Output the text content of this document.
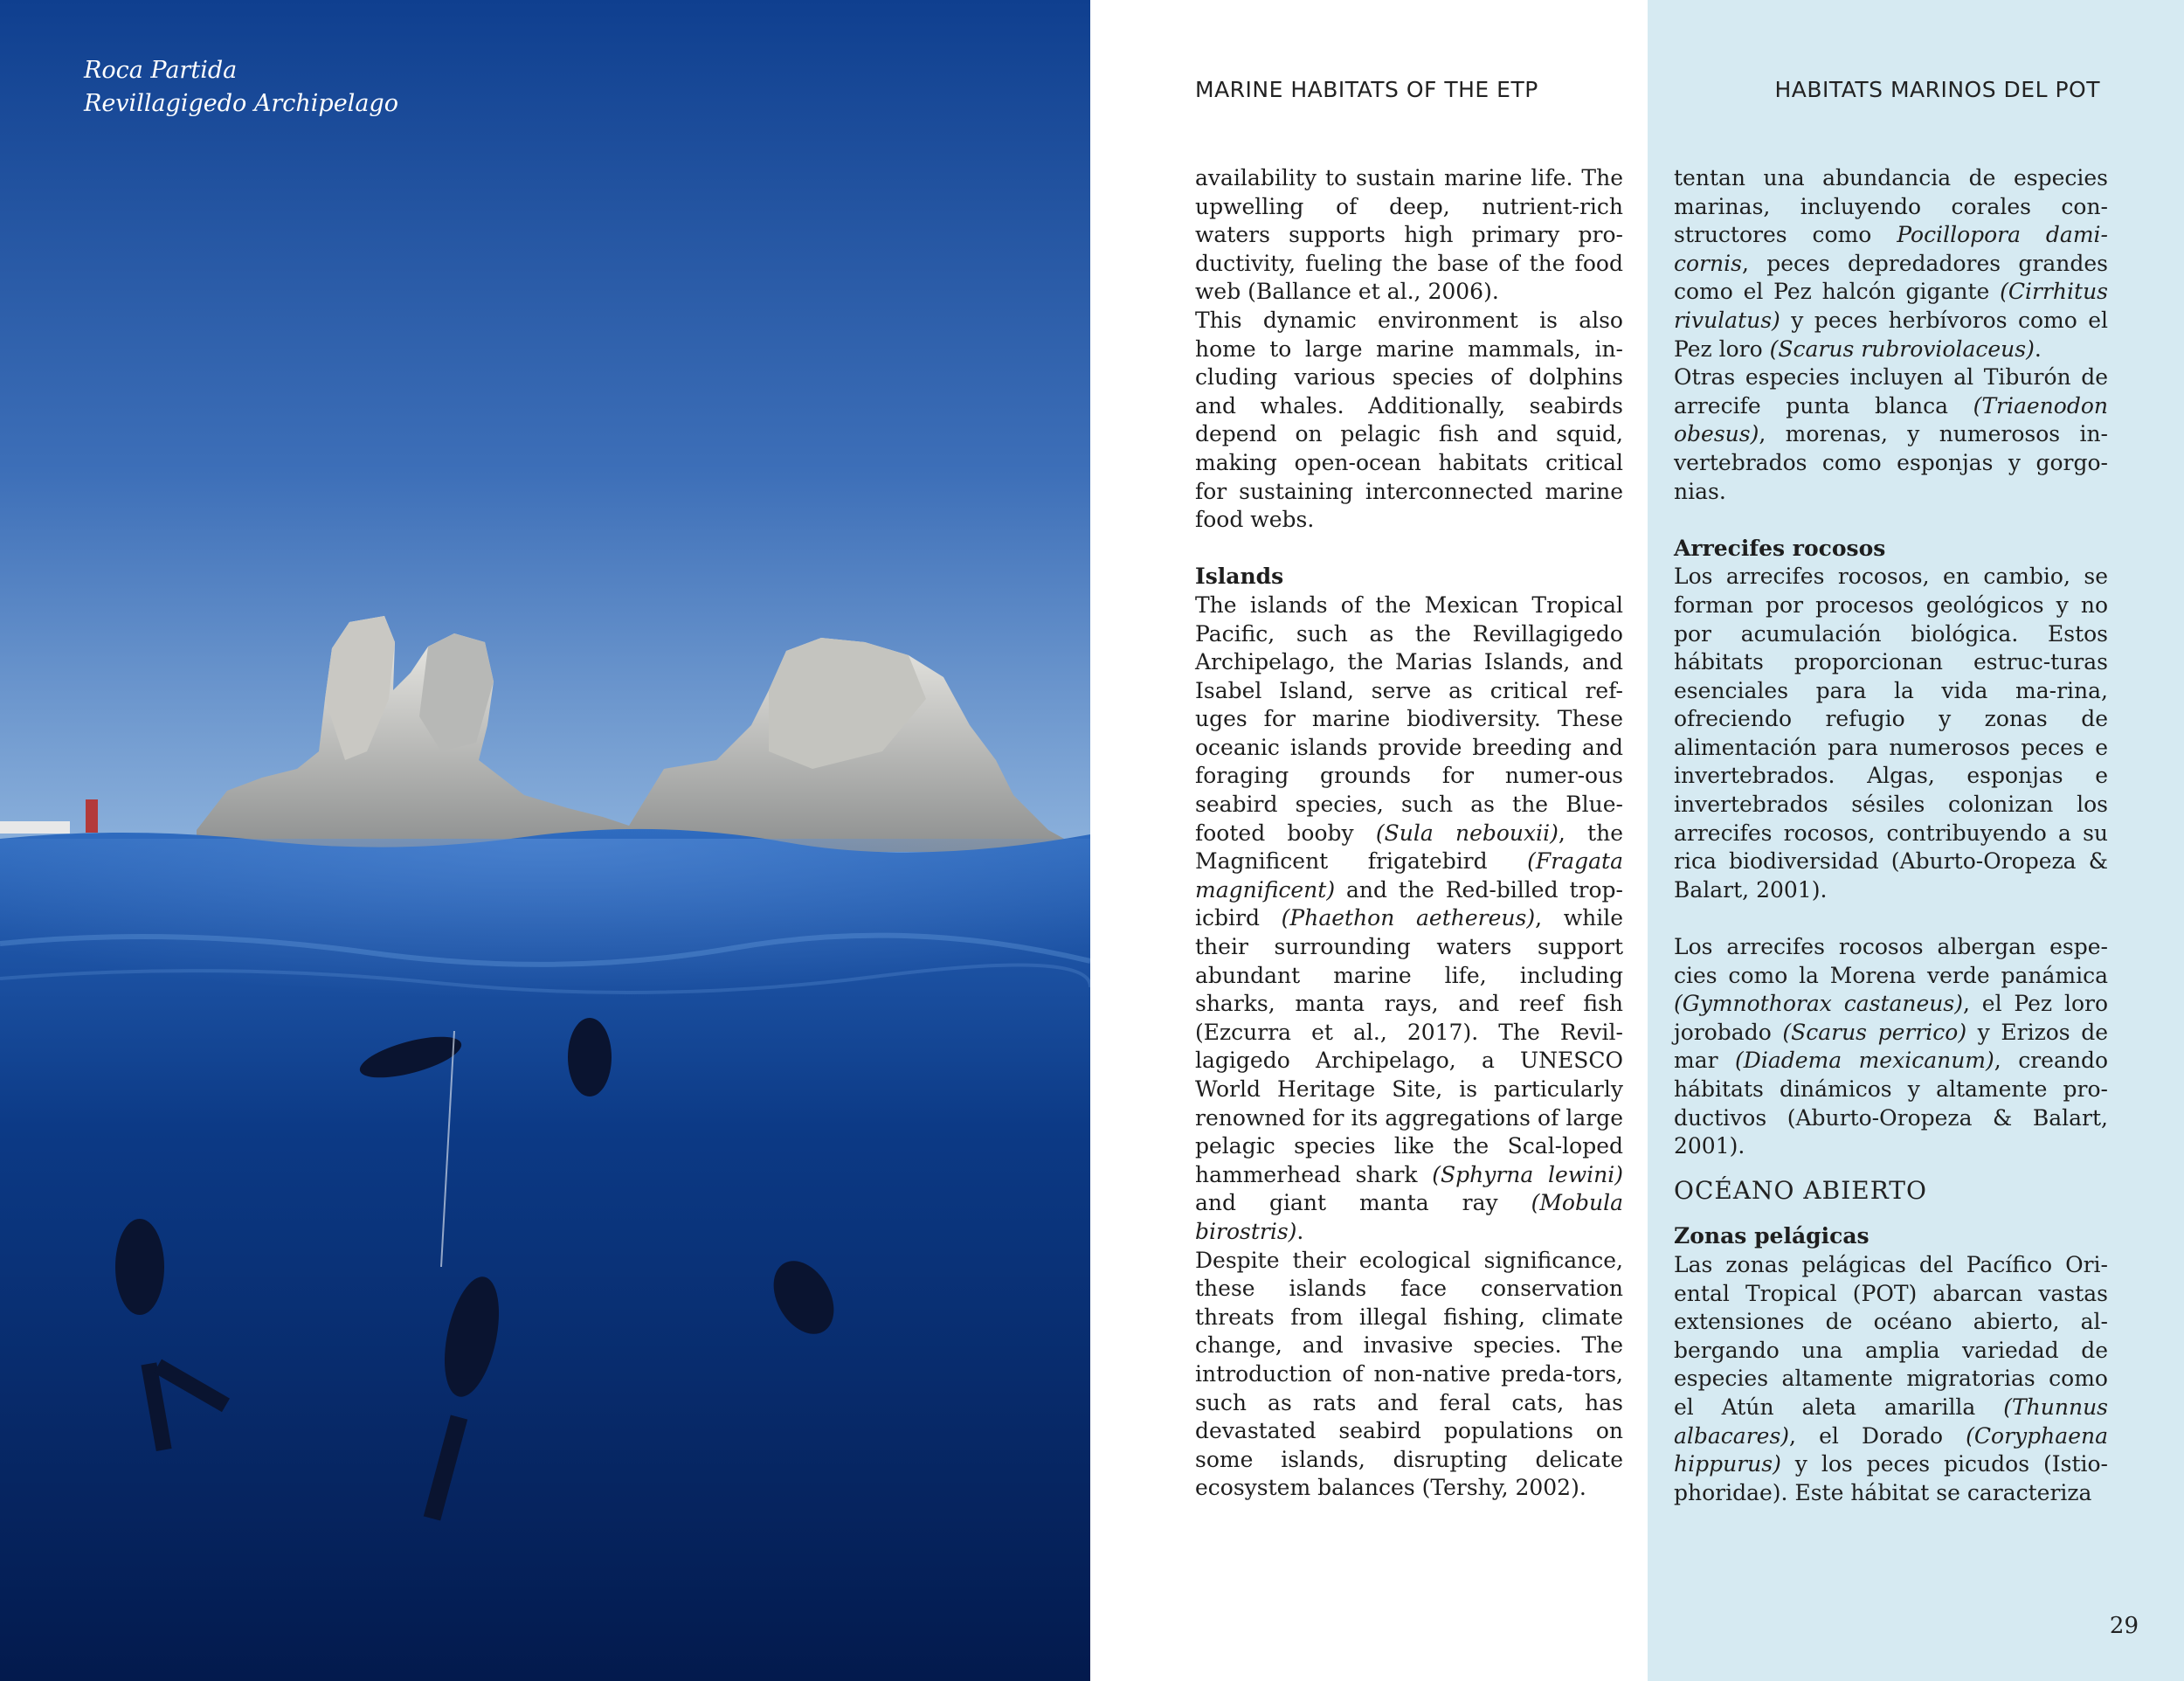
Roca Partida
Revillagigedo Archipelago
MARINE HABITATS OF THE ETP

availability to sustain marine life. The upwelling of deep, nutrient-rich waters supports high primary pro-ductivity, fueling the base of the food web (Ballance et al., 2006).

This dynamic environment is also home to large marine mammals, in-cluding various species of dolphins and whales. Additionally, seabirds depend on pelagic fish and squid, making open-ocean habitats critical for sustaining interconnected marine food webs.

Islands

The islands of the Mexican Tropical Pacific, such as the Revillagigedo Archipelago, the Marias Islands, and Isabel Island, serve as critical ref-uges for marine biodiversity. These oceanic islands provide breeding and foraging grounds for numer-ous seabird species, such as the Blue-footed booby (Sula nebouxii), the Magnificent frigatebird (Fragata magnificent) and the Red-billed trop-icbird (Phaethon aethereus), while their surrounding waters support abundant marine life, including sharks, manta rays, and reef fish (Ezcurra et al., 2017). The Revil-lagigedo Archipelago, a UNESCO World Heritage Site, is particularly renowned for its aggregations of large pelagic species like the Scal-loped hammerhead shark (Sphyrna lewini) and giant manta ray (Mobula birostris).

Despite their ecological significance, these islands face conservation threats from illegal fishing, climate change, and invasive species. The introduction of non-native preda-tors, such as rats and feral cats, has devastated seabird populations on some islands, disrupting delicate ecosystem balances (Tershy, 2002).

HABITATS MARINOS DEL POT

tentan una abundancia de especies marinas, incluyendo corales con-structores como Pocillopora dami-cornis, peces depredadores grandes como el Pez halcón gigante (Cirrhitus rivulatus) y peces herbívoros como el Pez loro (Scarus rubroviolaceus).

Otras especies incluyen al Tiburón de arrecife punta blanca (Triaenodon obesus), morenas, y numerosos in-vertebrados como esponjas y gorgo-nias.

Arrecifes rocosos

Los arrecifes rocosos, en cambio, se forman por procesos geológicos y no por acumulación biológica. Estos hábitats proporcionan estruc-turas esenciales para la vida ma-rina, ofreciendo refugio y zonas de alimentación para numerosos peces e invertebrados. Algas, esponjas e invertebrados sésiles colonizan los arrecifes rocosos, contribuyendo a su rica biodiversidad (Aburto-Oropeza & Balart, 2001).

Los arrecifes rocosos albergan espe-cies como la Morena verde panámica (Gymnothorax castaneus), el Pez loro jorobado (Scarus perrico) y Erizos de mar (Diadema mexicanum), creando hábitats dinámicos y altamente pro-ductivos (Aburto-Oropeza & Balart, 2001).

OCÉANO ABIERTO

Zonas pelágicas

Las zonas pelágicas del Pacífico Ori-ental Tropical (POT) abarcan vastas extensiones de océano abierto, al-bergando una amplia variedad de especies altamente migratorias como el Atún aleta amarilla (Thunnus albacares), el Dorado (Coryphaena hippurus) y los peces picudos (Istio-phoridae). Este hábitat se caracteriza

29
